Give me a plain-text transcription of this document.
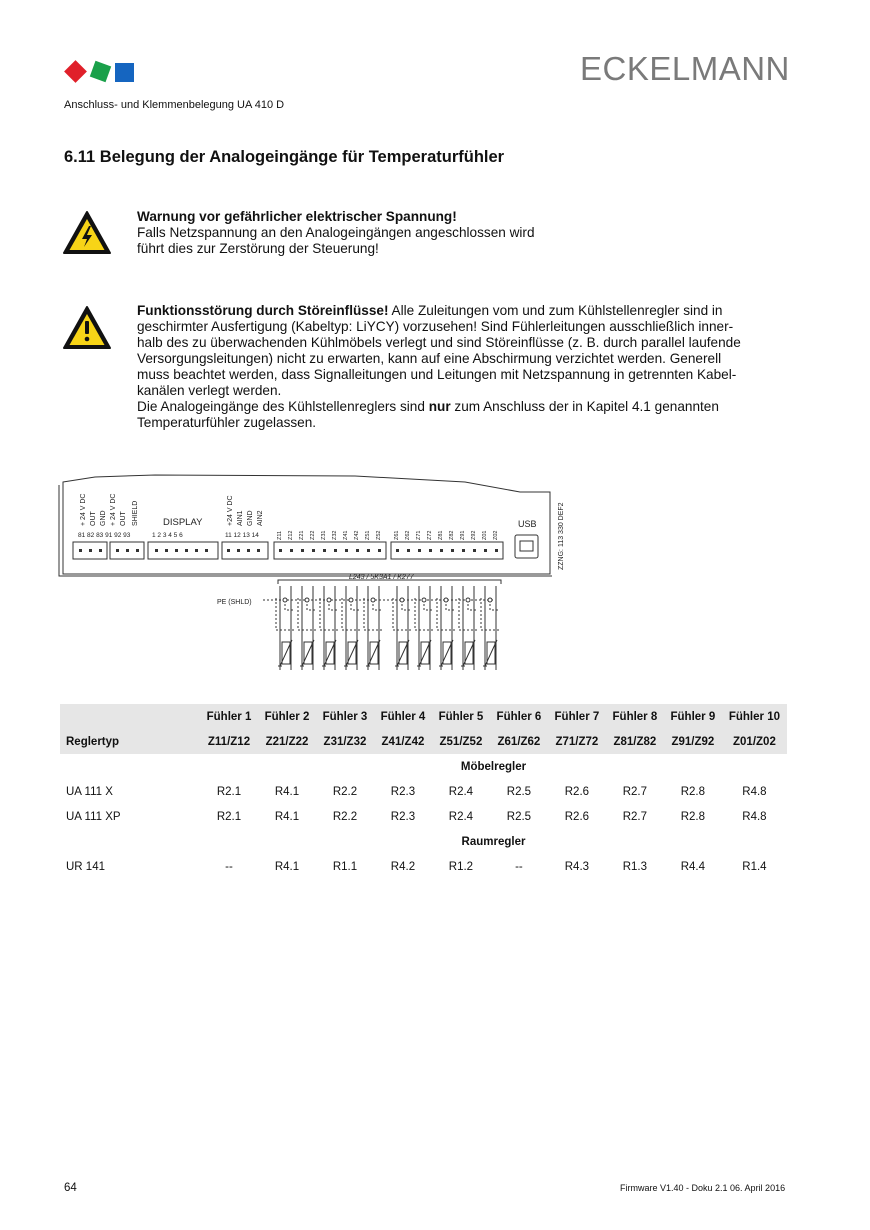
ECKELMANN
Anschluss- und Klemmenbelegung UA 410 D
6.11 Belegung der Analogeingänge für Temperaturfühler
Warnung vor gefährlicher elektrischer Spannung!
Falls Netzspannung an den Analogeingängen angeschlossen wird
führt dies zur Zerstörung der Steuerung!
Funktionsstörung durch Störeinflüsse! Alle Zuleitungen vom und zum Kühlstellenregler sind in
geschirmter Ausfertigung (Kabeltyp: LiYCY) vorzusehen! Sind Fühlerleitungen ausschließlich inner-
halb des zu überwachenden Kühlmöbels verlegt und sind Störeinflüsse (z. B. durch parallel laufende
Versorgungsleitungen) nicht zu erwarten, kann auf eine Abschirmung verzichtet werden. Generell
muss beachtet werden, dass Signalleitungen und Leitungen mit Netzspannung in getrennten Kabel-
kanälen verlegt werden.
Die Analogeingänge des Kühlstellenreglers sind nur zum Anschluss der in Kapitel 4.1 genannten
Temperaturfühler zugelassen.
+ 24 V DC OUT GND + 24 V DC OUT SHIELD
81 82 83 91 92 93
DISPLAY
1 2 3 4 5 6
+24 V DC AIN1 GND AIN2
11 12 13 14	Z11 Z12 Z21 Z22 Z31 Z32 Z41 Z42 Z51 Z52 Z61 Z62 Z71 Z72 Z81 Z82 Z91 Z92 Z01 Z02
USB	ZZNG: 113 330 DEF2
L243 / 5K3A1 / K277
PE (SHLD)
	Fühler 1	Fühler 2	Fühler 3	Fühler 4	Fühler 5	Fühler 6	Fühler 7	Fühler 8	Fühler 9	Fühler 10
Reglertyp	Z11/Z12	Z21/Z22	Z31/Z32	Z41/Z42	Z51/Z52	Z61/Z62	Z71/Z72	Z81/Z82	Z91/Z92	Z01/Z02
	Möbelregler									
UA 111 X	R2.1	R4.1	R2.2	R2.3	R2.4	R2.5	R2.6	R2.7	R2.8	R4.8
UA 111 XP	R2.1	R4.1	R2.2	R2.3	R2.4	R2.5	R2.6	R2.7	R2.8	R4.8
	Raumregler									
UR 141	--	R4.1	R1.1	R4.2	R1.2	--	R4.3	R1.3	R4.4	R1.4
64	Firmware V1.40 - Doku 2.1 06. April 2016
